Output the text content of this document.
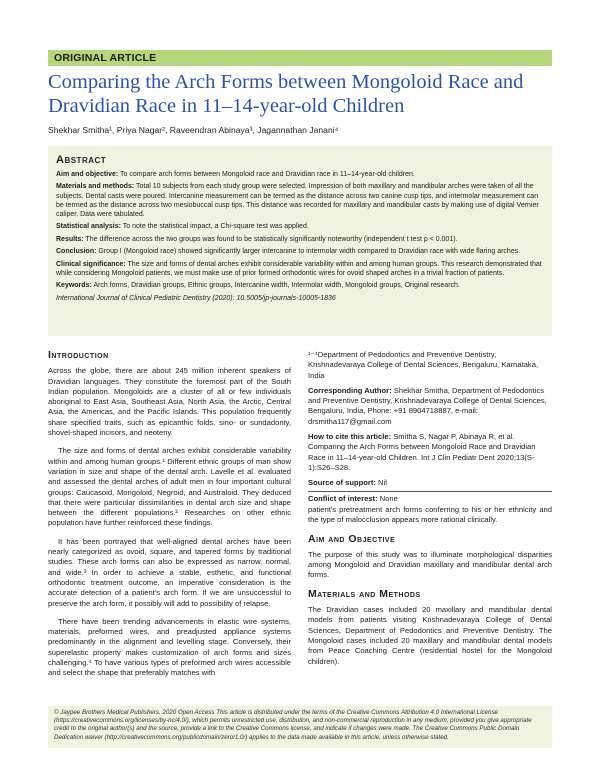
ORIGINAL ARTICLE
Comparing the Arch Forms between Mongoloid Race and Dravidian Race in 11–14-year-old Children
Shekhar Smitha¹, Priya Nagar², Raveendran Abinaya³, Jagannathan Janani⁴
Abstract

Aim and objective: To compare arch forms between Mongoloid race and Dravidian race in 11–14-year-old children.

Materials and methods: Total 10 subjects from each study group were selected. Impression of both maxillary and mandibular arches were taken of all the subjects. Dental casts were poured. Intercanine measurement can be termed as the distance across two canine cusp tips, and intermolar measurement can be termed as the distance across two mesiobuccal cusp tips. This distance was recorded for maxillary and mandibular casts by making use of digital Vernier caliper. Data were tabulated.

Statistical analysis: To note the statistical impact, a Chi-square test was applied.

Results: The difference across the two groups was found to be statistically significantly noteworthy (independent t test p < 0.001).

Conclusion: Group I (Mongoloid race) showed significantly larger intercanine to intermolar width compared to Dravidian race with wide flaring arches.

Clinical significance: The size and forms of dental arches exhibit considerable variability within and among human groups. This research demonstrated that while considering Mongoloid patients, we must make use of prior formed orthodontic wires for ovoid shaped arches in a trivial fraction of patients.

Keywords: Arch forms, Dravidian groups, Ethnic groups, Intercanine width, Intermolar width, Mongoloid groups, Original research.

International Journal of Clinical Pediatric Dentistry (2020): 10.5005/jp-journals-10005-1836

Introduction

Across the globe, there are about 245 million inherent speakers of Dravidian languages. They constitute the foremost part of the South Indian population. Mongoloids are a cluster of all or few individuals aboriginal to East Asia, Southeast Asia, North Asia, the Arctic, Central Asia, the Americas, and the Pacific Islands. This population frequently share specified traits, such as epicanthic folds, sino- or sundadonty, shovel-shaped incisors, and neoteny.

The size and forms of dental arches exhibit considerable variability within and among human groups.¹ Different ethnic groups of man show variation in size and shape of the dental arch. Lavelle et al. evaluated and assessed the dental arches of adult men in four important cultural groups: Caucasoid, Mongoloid, Negroid, and Australoid. They deduced that there were particular dissimilarities in dental arch size and shape between the different populations.² Researches on other ethnic population have further reinforced these findings.

It has been portrayed that well-aligned dental arches have been nearly categorized as ovoid, square, and tapered forms by traditional studies. These arch forms can also be expressed as narrow, normal, and wide.³ In order to achieve a stable, esthetic, and functional orthodontic treatment outcome, an imperative consideration is the accurate detection of a patient's arch form. If we are unsuccessful to preserve the arch form, it possibly will add to possibility of relapse.

There have been trending advancements in elastic wire systems, materials, preformed wires, and preadjusted appliance systems predominantly in the alignment and levelling stage. Conversely, their superelastic property makes customization of arch forms and sizes challenging.⁴ To have various types of preformed arch wires accessible and select the shape that preferably matches with

¹⁻⁴Department of Pedodontics and Preventive Dentistry, Krishnadevaraya College of Dental Sciences, Bengaluru, Karnataka, India

Corresponding Author: Shekhar Smitha, Department of Pedodontics and Preventive Dentistry, Krishnadevaraya College of Dental Sciences, Bengaluru, India, Phone: +91 8904718887, e-mail: drsmitha117@gmail.com

How to cite this article: Smitha S, Nagar P, Abinaya R, et al. Comparing the Arch Forms between Mongoloid Race and Dravidian Race in 11–14-year-old Children. Int J Clin Pediatr Dent 2020;13(S-1):S26–S28.

Source of support: Nil

Conflict of interest: None

patient's pretreatment arch forms conferring to his or her ethnicity and the type of malocclusion appears more rational clinically.

Aim and Objective

The purpose of this study was to illuminate morphological disparities among Mongoloid and Dravidian maxillary and mandibular dental arch forms.

Materials and Methods

The Dravidian cases included 20 maxillary and mandibular dental models from patients visiting Krishnadevaraya College of Dental Sciences, Department of Pedodontics and Preventive Dentistry. The Mongoloid cases included 20 maxillary and mandibular dental models from Peace Coaching Centre (residential hostel for the Mongoloid children).

© Jaypee Brothers Medical Publishers. 2020 Open Access This article is distributed under the terms of the Creative Commons Attribution 4.0 International License (https://creativecommons.org/licenses/by-nc/4.0/), which permits unrestricted use, distribution, and non-commercial reproduction in any medium, provided you give appropriate credit to the original author(s) and the source, provide a link to the Creative Commons license, and indicate if changes were made. The Creative Commons Public Domain Dedication waiver (http://creativecommons.org/publicdomain/zero/1.0/) applies to the data made available in this article, unless otherwise stated.
